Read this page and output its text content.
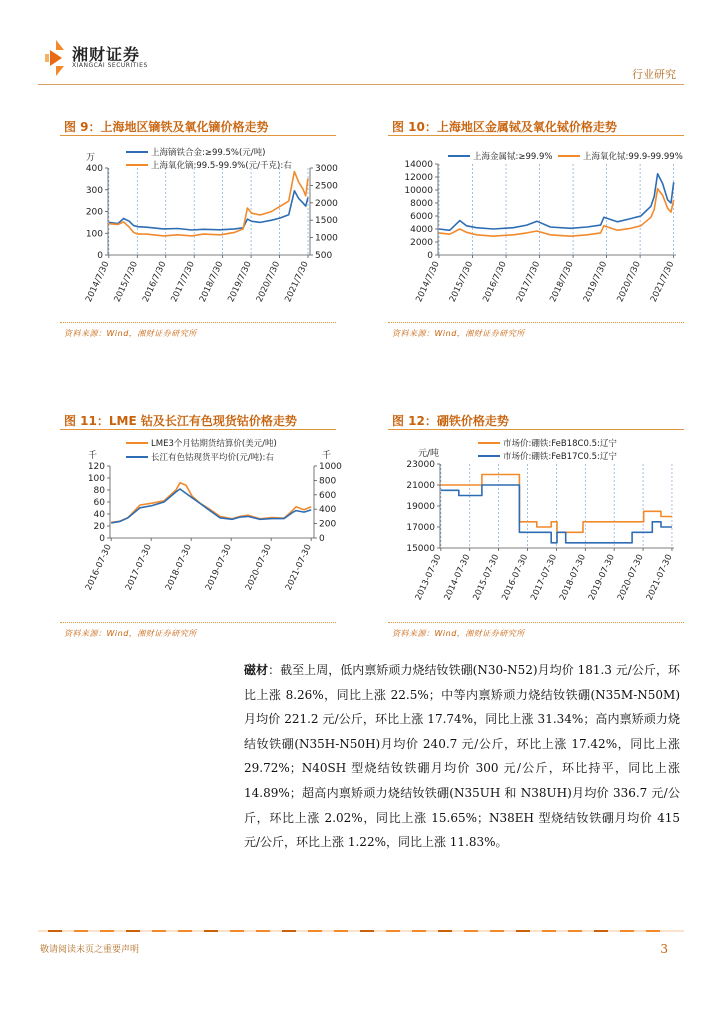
湘财证券
XIANGCAI SECURITIES
行业研究
图 9：上海地区镝铁及氧化镝价格走势
0
100
200
300
400
万
500
1000
1500
2000
2500
3000
2014/7/30 2015/7/30 2016/7/30 2017/7/30 2018/7/30 2019/7/30 2020/7/30 2021/7/30
上海镝铁合金:≥99.5%(元/吨)
上海氧化镝:99.5-99.9%(元/千克):右
资料来源：Wind，湘财证券研究所
图 10：上海地区金属铽及氧化铽价格走势
0
2000
4000
6000
8000
10000
12000
14000
2014/7/30 2015/7/30 2016/7/30 2017/7/30 2018/7/30 2019/7/30 2020/7/30 2021/7/30
上海金属铽:≥99.9%	上海氧化铽:99.9-99.99%
资料来源：Wind，湘财证券研究所
图 11：LME 钴及长江有色现货钴价格走势
0
20
40
60
80
100
120
千
0
200
400
600
800
1000
千
2016-07-30 2017-07-30 2018-07-30 2019-07-30 2020-07-30 2021-07-30
LME3个月钴期货结算价(美元/吨)
长江有色钴现货平均价(元/吨):右
资料来源：Wind，湘财证券研究所
图 12：硼铁价格走势
15000
17000
19000
21000
23000
元/吨
2013-07-30
2014-07-30
2015-07-30
2016-07-30
2017-07-30
2018-07-30
2019-07-30
2020-07-30
2021-07-30
市场价:硼铁:FeB18C0.5:辽宁
市场价:硼铁:FeB17C0.5:辽宁
资料来源：Wind，湘财证券研究所
磁材：截至上周，低内禀矫顽力烧结钕铁硼(N30-N52)月均价 181.3 元/公斤，环比上涨 8.26%，同比上涨 22.5%；中等内禀矫顽力烧结钕铁硼(N35M-N50M)月均价 221.2 元/公斤，环比上涨 17.74%，同比上涨 31.34%；高内禀矫顽力烧结钕铁硼(N35H-N50H)月均价 240.7 元/公斤，环比上涨 17.42%，同比上涨 29.72%；N40SH 型烧结钕铁硼月均价 300 元/公斤，环比持平，同比上涨 14.89%；超高内禀矫顽力烧结钕铁硼(N35UH 和 N38UH)月均价 336.7 元/公斤，环比上涨 2.02%，同比上涨 15.65%；N38EH 型烧结钕铁硼月均价 415 元/公斤，环比上涨 1.22%，同比上涨 11.83%。
敬请阅读末页之重要声明	3
